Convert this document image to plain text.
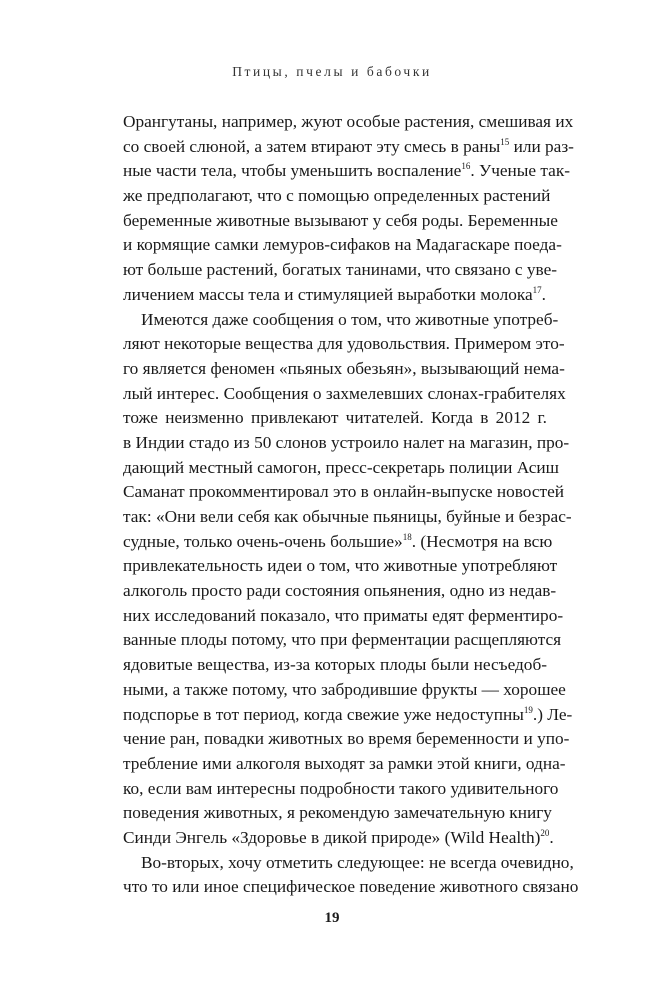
Птицы, пчелы и бабочки
Орангутаны, например, жуют особые растения, смешивая их
со своей слюной, а затем втирают эту смесь в раны$^{15}$ или раз-
ные части тела, чтобы уменьшить воспаление$^{16}$. Ученые так-
же предполагают, что с помощью определенных растений
беременные животные вызывают у себя роды. Беременные
и кормящие самки лемуров-сифаков на Мадагаскаре поеда-
ют больше растений, богатых танинами, что связано с уве-
личением массы тела и стимуляцией выработки молока$^{17}$.
Имеются даже сообщения о том, что животные употреб-
ляют некоторые вещества для удовольствия. Примером это-
го является феномен «пьяных обезьян», вызывающий нема-
лый интерес. Сообщения о захмелевших слонах-грабителях
тоже неизменно привлекают читателей. Когда в 2012 г.
в Индии стадо из 50 слонов устроило налет на магазин, про-
дающий местный самогон, пресс-секретарь полиции Асиш
Саманат прокомментировал это в онлайн-выпуске новостей
так: «Они вели себя как обычные пьяницы, буйные и безрас-
судные, только очень-очень большие»$^{18}$. (Несмотря на всю
привлекательность идеи о том, что животные употребляют
алкоголь просто ради состояния опьянения, одно из недав-
них исследований показало, что приматы едят ферментиро-
ванные плоды потому, что при ферментации расщепляются
ядовитые вещества, из-за которых плоды были несъедоб-
ными, а также потому, что забродившие фрукты — хорошее
подспорье в тот период, когда свежие уже недоступны$^{19}$.) Ле-
чение ран, повадки животных во время беременности и упо-
требление ими алкоголя выходят за рамки этой книги, одна-
ко, если вам интересны подробности такого удивительного
поведения животных, я рекомендую замечательную книгу
Синди Энгель «Здоровье в дикой природе» (Wild Health)$^{20}$.
Во-вторых, хочу отметить следующее: не всегда очевидно,
что то или иное специфическое поведение животного связано
19
